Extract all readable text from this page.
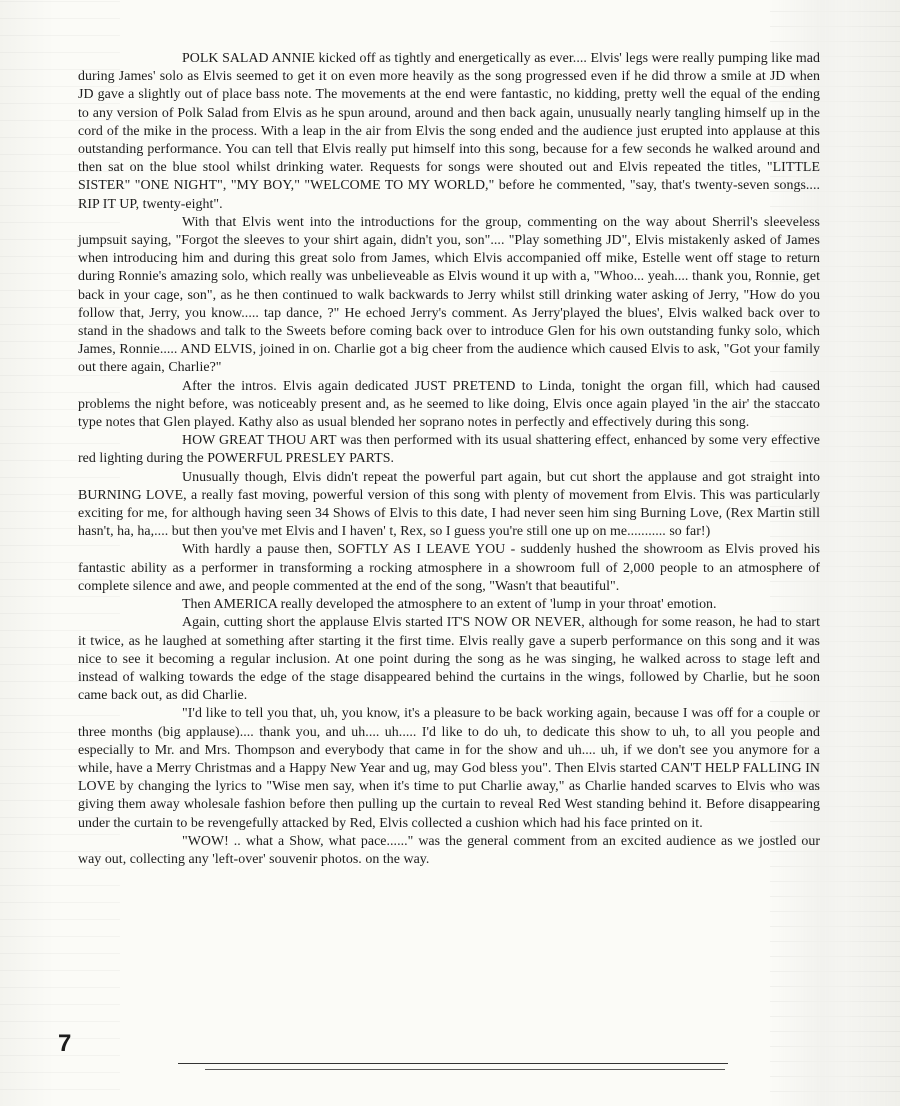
POLK SALAD ANNIE kicked off as tightly and energetically as ever.... Elvis' legs were really pumping like mad during James' solo as Elvis seemed to get it on even more heavily as the song progressed even if he did throw a smile at JD when JD gave a slightly out of place bass note. The movements at the end were fantastic, no kidding, pretty well the equal of the ending to any version of Polk Salad from Elvis as he spun around, around and then back again, unusually nearly tangling himself up in the cord of the mike in the process. With a leap in the air from Elvis the song ended and the audience just erupted into applause at this outstanding performance. You can tell that Elvis really put himself into this song, because for a few seconds he walked around and then sat on the blue stool whilst drinking water. Requests for songs were shouted out and Elvis repeated the titles, "LITTLE SISTER" "ONE NIGHT", "MY BOY," "WELCOME TO MY WORLD," before he commented, "say, that's twenty-seven songs.... RIP IT UP, twenty-eight".

With that Elvis went into the introductions for the group, commenting on the way about Sherril's sleeveless jumpsuit saying, "Forgot the sleeves to your shirt again, didn't you, son".... "Play something JD", Elvis mistakenly asked of James when introducing him and during this great solo from James, which Elvis accompanied off mike, Estelle went off stage to return during Ronnie's amazing solo, which really was unbelieveable as Elvis wound it up with a, "Whoo... yeah.... thank you, Ronnie, get back in your cage, son", as he then continued to walk backwards to Jerry whilst still drinking water asking of Jerry, "How do you follow that, Jerry, you know..... tap dance, ?" He echoed Jerry's comment. As Jerry'played the blues', Elvis walked back over to stand in the shadows and talk to the Sweets before coming back over to introduce Glen for his own outstanding funky solo, which James, Ronnie..... AND ELVIS, joined in on. Charlie got a big cheer from the audience which caused Elvis to ask, "Got your family out there again, Charlie?"

After the intros. Elvis again dedicated JUST PRETEND to Linda, tonight the organ fill, which had caused problems the night before, was noticeably present and, as he seemed to like doing, Elvis once again played 'in the air' the staccato type notes that Glen played. Kathy also as usual blended her soprano notes in perfectly and effectively during this song.

HOW GREAT THOU ART was then performed with its usual shattering effect, enhanced by some very effective red lighting during the POWERFUL PRESLEY PARTS.

Unusually though, Elvis didn't repeat the powerful part again, but cut short the applause and got straight into BURNING LOVE, a really fast moving, powerful version of this song with plenty of movement from Elvis. This was particularly exciting for me, for although having seen 34 Shows of Elvis to this date, I had never seen him sing Burning Love, (Rex Martin still hasn't, ha, ha,.... but then you've met Elvis and I haven' t, Rex, so I guess you're still one up on me........... so far!)

With hardly a pause then, SOFTLY AS I LEAVE YOU - suddenly hushed the showroom as Elvis proved his fantastic ability as a performer in transforming a rocking atmosphere in a showroom full of 2,000 people to an atmosphere of complete silence and awe, and people commented at the end of the song, "Wasn't that beautiful".

Then AMERICA really developed the atmosphere to an extent of 'lump in your throat' emotion.

Again, cutting short the applause Elvis started IT'S NOW OR NEVER, although for some reason, he had to start it twice, as he laughed at something after starting it the first time. Elvis really gave a superb performance on this song and it was nice to see it becoming a regular inclusion. At one point during the song as he was singing, he walked across to stage left and instead of walking towards the edge of the stage disappeared behind the curtains in the wings, followed by Charlie, but he soon came back out, as did Charlie.

"I'd like to tell you that, uh, you know, it's a pleasure to be back working again, because I was off for a couple or three months (big applause).... thank you, and uh.... uh..... I'd like to do uh, to dedicate this show to uh, to all you people and especially to Mr. and Mrs. Thompson and everybody that came in for the show and uh.... uh, if we don't see you anymore for a while, have a Merry Christmas and a Happy New Year and ug, may God bless you". Then Elvis started CAN'T HELP FALLING IN LOVE by changing the lyrics to "Wise men say, when it's time to put Charlie away," as Charlie handed scarves to Elvis who was giving them away wholesale fashion before then pulling up the curtain to reveal Red West standing behind it. Before disappearing under the curtain to be revengefully attacked by Red, Elvis collected a cushion which had his face printed on it.

"WOW! .. what a Show, what pace......" was the general comment from an excited audience as we jostled our way out, collecting any 'left-over' souvenir photos. on the way.

7
